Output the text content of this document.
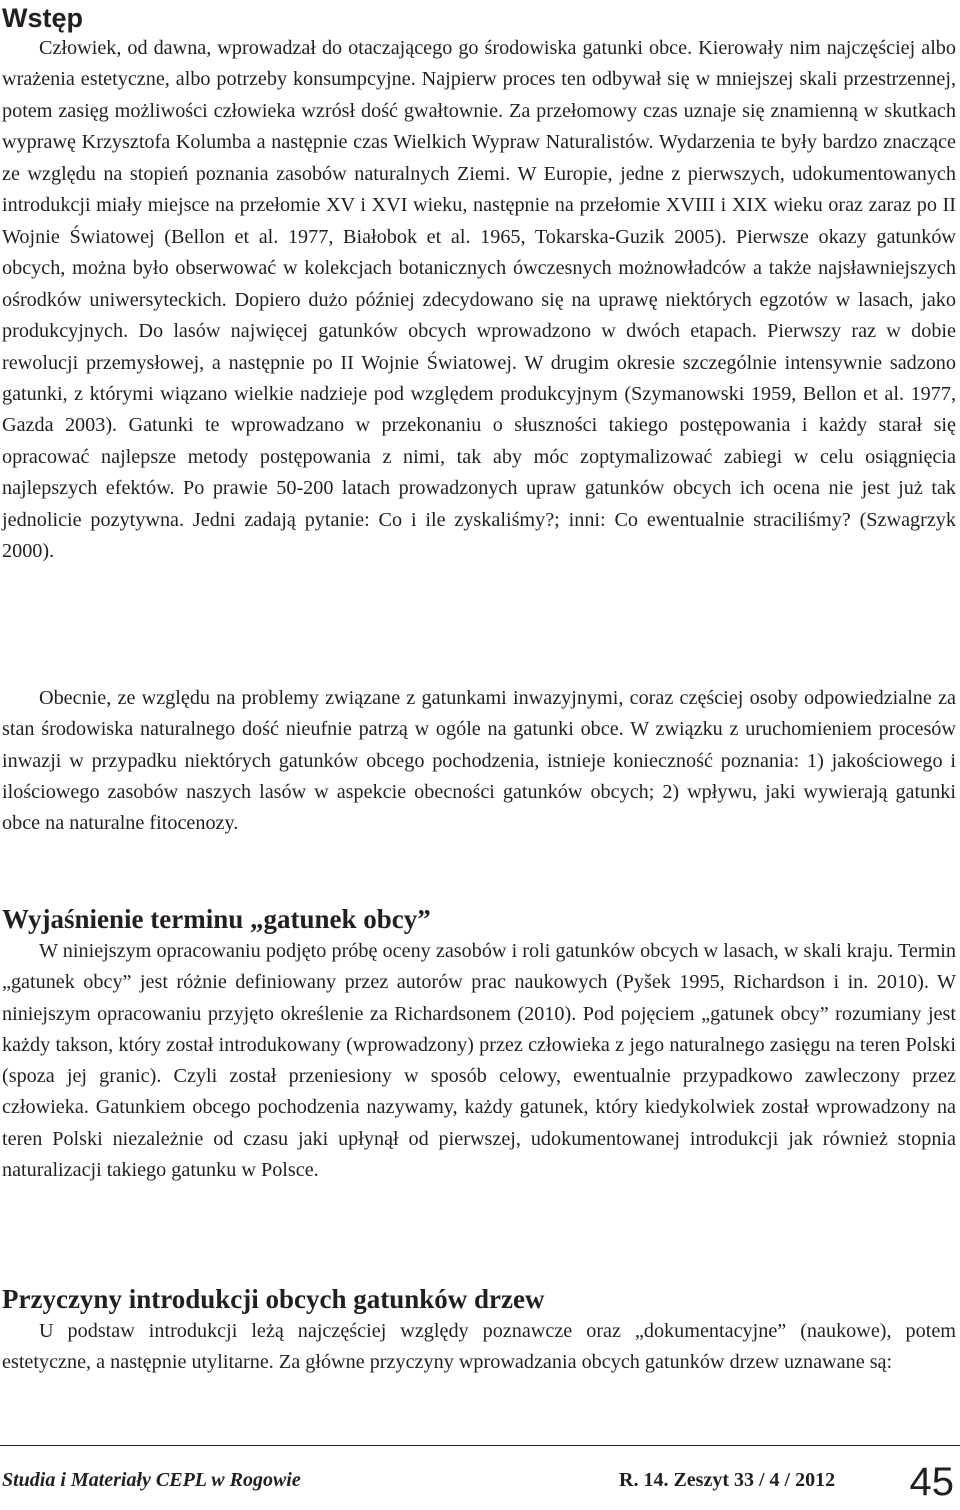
Wstęp

Człowiek, od dawna, wprowadzał do otaczającego go środowiska gatunki obce. Kierowały nim najczęściej albo wrażenia estetyczne, albo potrzeby konsumpcyjne. Najpierw proces ten odbywał się w mniejszej skali przestrzennej, potem zasięg możliwości człowieka wzrósł dość gwałtownie. Za przełomowy czas uznaje się znamienną w skutkach wyprawę Krzysztofa Kolumba a następnie czas Wielkich Wypraw Naturalistów. Wydarzenia te były bardzo znaczące ze względu na stopień poznania zasobów naturalnych Ziemi. W Europie, jedne z pierwszych, udokumentowanych introdukcji miały miejsce na przełomie XV i XVI wieku, następnie na przełomie XVIII i XIX wieku oraz zaraz po II Wojnie Światowej (Bellon et al. 1977, Białobok et al. 1965, Tokarska-Guzik 2005). Pierwsze okazy gatunków obcych, można było obserwować w kolekcjach botanicznych ówczesnych możnowładców a także najsławniejszych ośrodków uniwersyteckich. Dopiero dużo później zdecydowano się na uprawę niektórych egzotów w lasach, jako produkcyjnych. Do lasów najwięcej gatunków obcych wprowadzono w dwóch etapach. Pierwszy raz w dobie rewolucji przemysłowej, a następnie po II Wojnie Światowej. W drugim okresie szczególnie intensywnie sadzono gatunki, z którymi wiązano wielkie nadzieje pod względem produkcyjnym (Szymanowski 1959, Bellon et al. 1977, Gazda 2003). Gatunki te wprowadzano w przekonaniu o słuszności takiego postępowania i każdy starał się opracować najlepsze metody postępowania z nimi, tak aby móc zoptymalizować zabiegi w celu osiągnięcia najlepszych efektów. Po prawie 50-200 latach prowadzonych upraw gatunków obcych ich ocena nie jest już tak jednolicie pozytywna. Jedni zadają pytanie: Co i ile zyskaliśmy?; inni: Co ewentualnie straciliśmy? (Szwagrzyk 2000).

Obecnie, ze względu na problemy związane z gatunkami inwazyjnymi, coraz częściej osoby odpowiedzialne za stan środowiska naturalnego dość nieufnie patrzą w ogóle na gatunki obce. W związku z uruchomieniem procesów inwazji w przypadku niektórych gatunków obcego pochodzenia, istnieje konieczność poznania: 1) jakościowego i ilościowego zasobów naszych lasów w aspekcie obecności gatunków obcych; 2) wpływu, jaki wywierają gatunki obce na naturalne fitocenozy.

Wyjaśnienie terminu „gatunek obcy”

W niniejszym opracowaniu podjęto próbę oceny zasobów i roli gatunków obcych w lasach, w skali kraju. Termin „gatunek obcy” jest różnie definiowany przez autorów prac naukowych (Pyšek 1995, Richardson i in. 2010). W niniejszym opracowaniu przyjęto określenie za Richardsonem (2010). Pod pojęciem „gatunek obcy” rozumiany jest każdy takson, który został introdukowany (wprowadzony) przez człowieka z jego naturalnego zasięgu na teren Polski (spoza jej granic). Czyli został przeniesiony w sposób celowy, ewentualnie przypadkowo zawleczony przez człowieka. Gatunkiem obcego pochodzenia nazywamy, każdy gatunek, który kiedykolwiek został wprowadzony na teren Polski niezależnie od czasu jaki upłynął od pierwszej, udokumentowanej introdukcji jak również stopnia naturalizacji takiego gatunku w Polsce.

Przyczyny introdukcji obcych gatunków drzew

U podstaw introdukcji leżą najczęściej względy poznawcze oraz „dokumentacyjne” (naukowe), potem estetyczne, a następnie utylitarne. Za główne przyczyny wprowadzania obcych gatunków drzew uznawane są:

Studia i Materiały CEPL w Rogowie	R. 14. Zeszyt 33 / 4 / 2012 45
